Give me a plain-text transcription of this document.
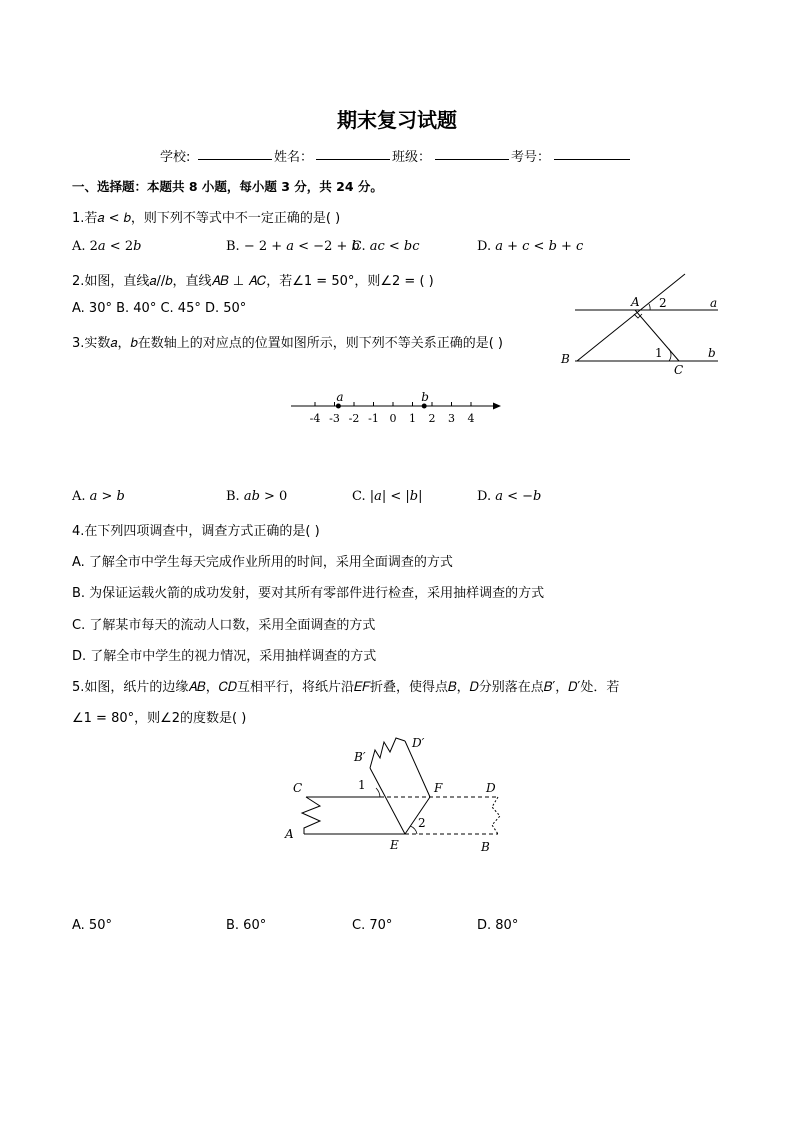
期末复习试题
学校:	姓名：	班级：	考号：
一、选择题：本题共 8 小题，每小题 3 分，共 24 分。
1.若𝑎 < 𝑏，则下列不等式中不一定正确的是( )
A. 2𝑎 < 2𝑏	B. − 2 + 𝑎 < −2 + 𝑏
C. 𝑎𝑐 < 𝑏𝑐	D. 𝑎 + 𝑐 < 𝑏 + 𝑐
2.如图，直线𝑎//𝑏，直线𝐴𝐵 ⊥ 𝐴𝐶，若∠1 = 50°，则∠2 = ( )
A. 30° B. 40° C. 45° D. 50°	A 2	a
B	1	b
C
3.实数𝑎，𝑏在数轴上的对应点的位置如图所示，则下列不等关系正确的是( )
-4 -3 -2 -1 0 1 2 3 4
a	b
A. 𝑎 > 𝑏	B. 𝑎𝑏 > 0	C. |𝑎| < |𝑏|	D. 𝑎 < −𝑏
4.在下列四项调查中，调查方式正确的是( )
A. 了解全市中学生每天完成作业所用的时间，采用全面调查的方式
B. 为保证运载火箭的成功发射，要对其所有零部件进行检查，采用抽样调查的方式
C. 了解某市每天的流动人口数，采用全面调查的方式
D. 了解全市中学生的视力情况，采用抽样调查的方式
5.如图，纸片的边缘𝐴𝐵，𝐶𝐷互相平行，将纸片沿𝐸𝐹折叠，使得点𝐵，𝐷分别落在点𝐵′，𝐷′处．若
∠1 = 80°，则∠2的度数是( )
B′
D′
C	1	F	D
2
A
E	B
A. 50°	B. 60°	C. 70°	D. 80°
